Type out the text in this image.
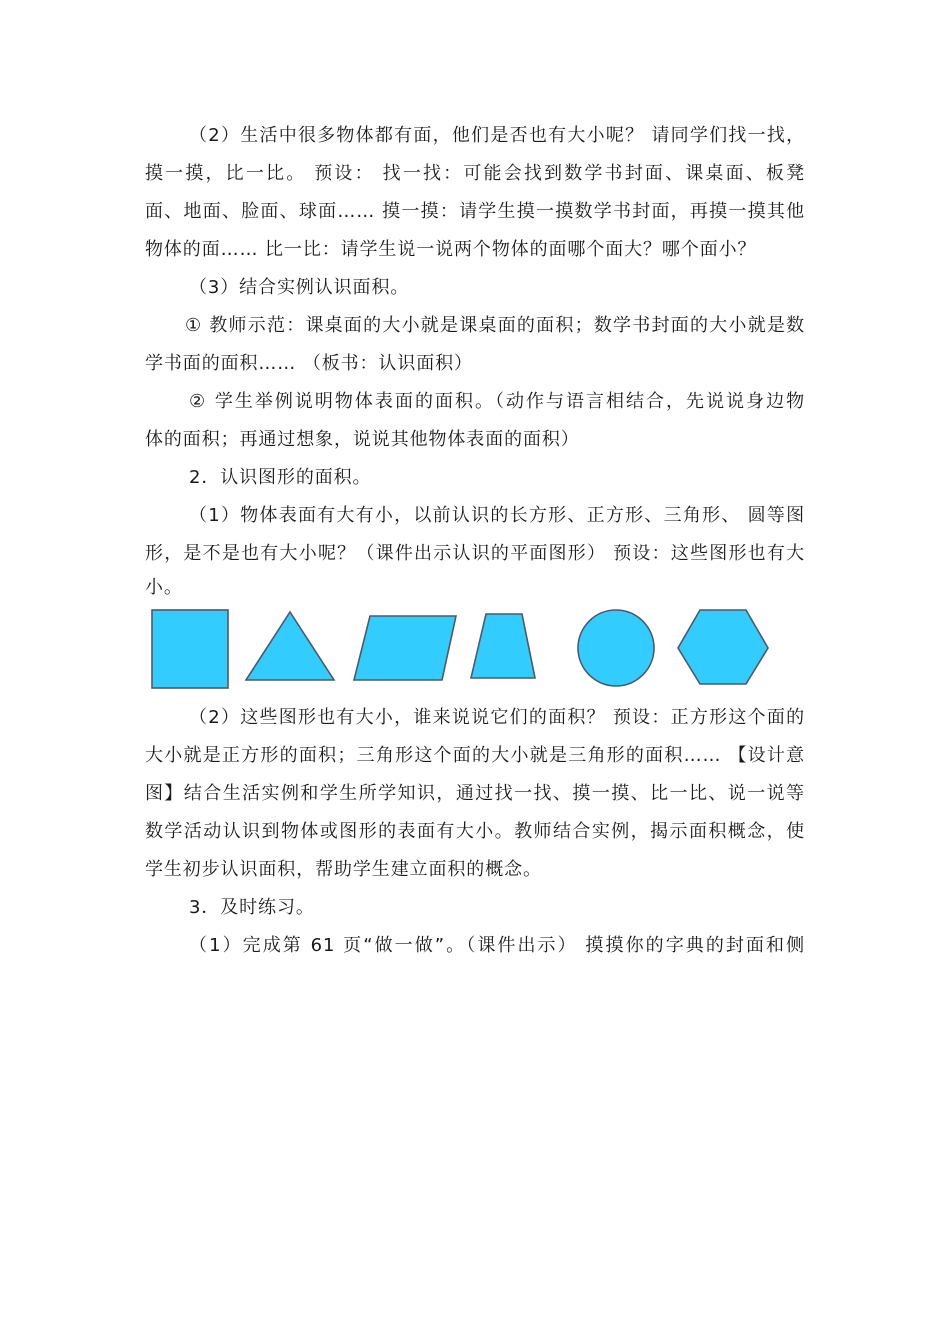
（2）生活中很多物体都有面，他们是否也有大小呢？ 请同学们找一找，
摸一摸，比一比。 预设： 找一找：可能会找到数学书封面、课桌面、板凳
面、地面、脸面、球面…… 摸一摸：请学生摸一摸数学书封面，再摸一摸其他
物体的面…… 比一比：请学生说一说两个物体的面哪个面大？哪个面小？
（3）结合实例认识面积。
① 教师示范：课桌面的大小就是课桌面的面积；数学书封面的大小就是数
学书面的面积…… （板书：认识面积）
② 学生举例说明物体表面的面积。（动作与语言相结合，先说说身边物
体的面积；再通过想象，说说其他物体表面的面积）
2．认识图形的面积。
（1）物体表面有大有小，以前认识的长方形、正方形、三角形、 圆等图
形，是不是也有大小呢？（课件出示认识的平面图形） 预设：这些图形也有大
小。
（2）这些图形也有大小，谁来说说它们的面积？ 预设：正方形这个面的
大小就是正方形的面积；三角形这个面的大小就是三角形的面积…… 【设计意
图】结合生活实例和学生所学知识，通过找一找、摸一摸、比一比、说一说等
数学活动认识到物体或图形的表面有大小。教师结合实例，揭示面积概念，使
学生初步认识面积，帮助学生建立面积的概念。
3．及时练习。
（1）完成第 61 页“做一做”。（课件出示） 摸摸你的字典的封面和侧
